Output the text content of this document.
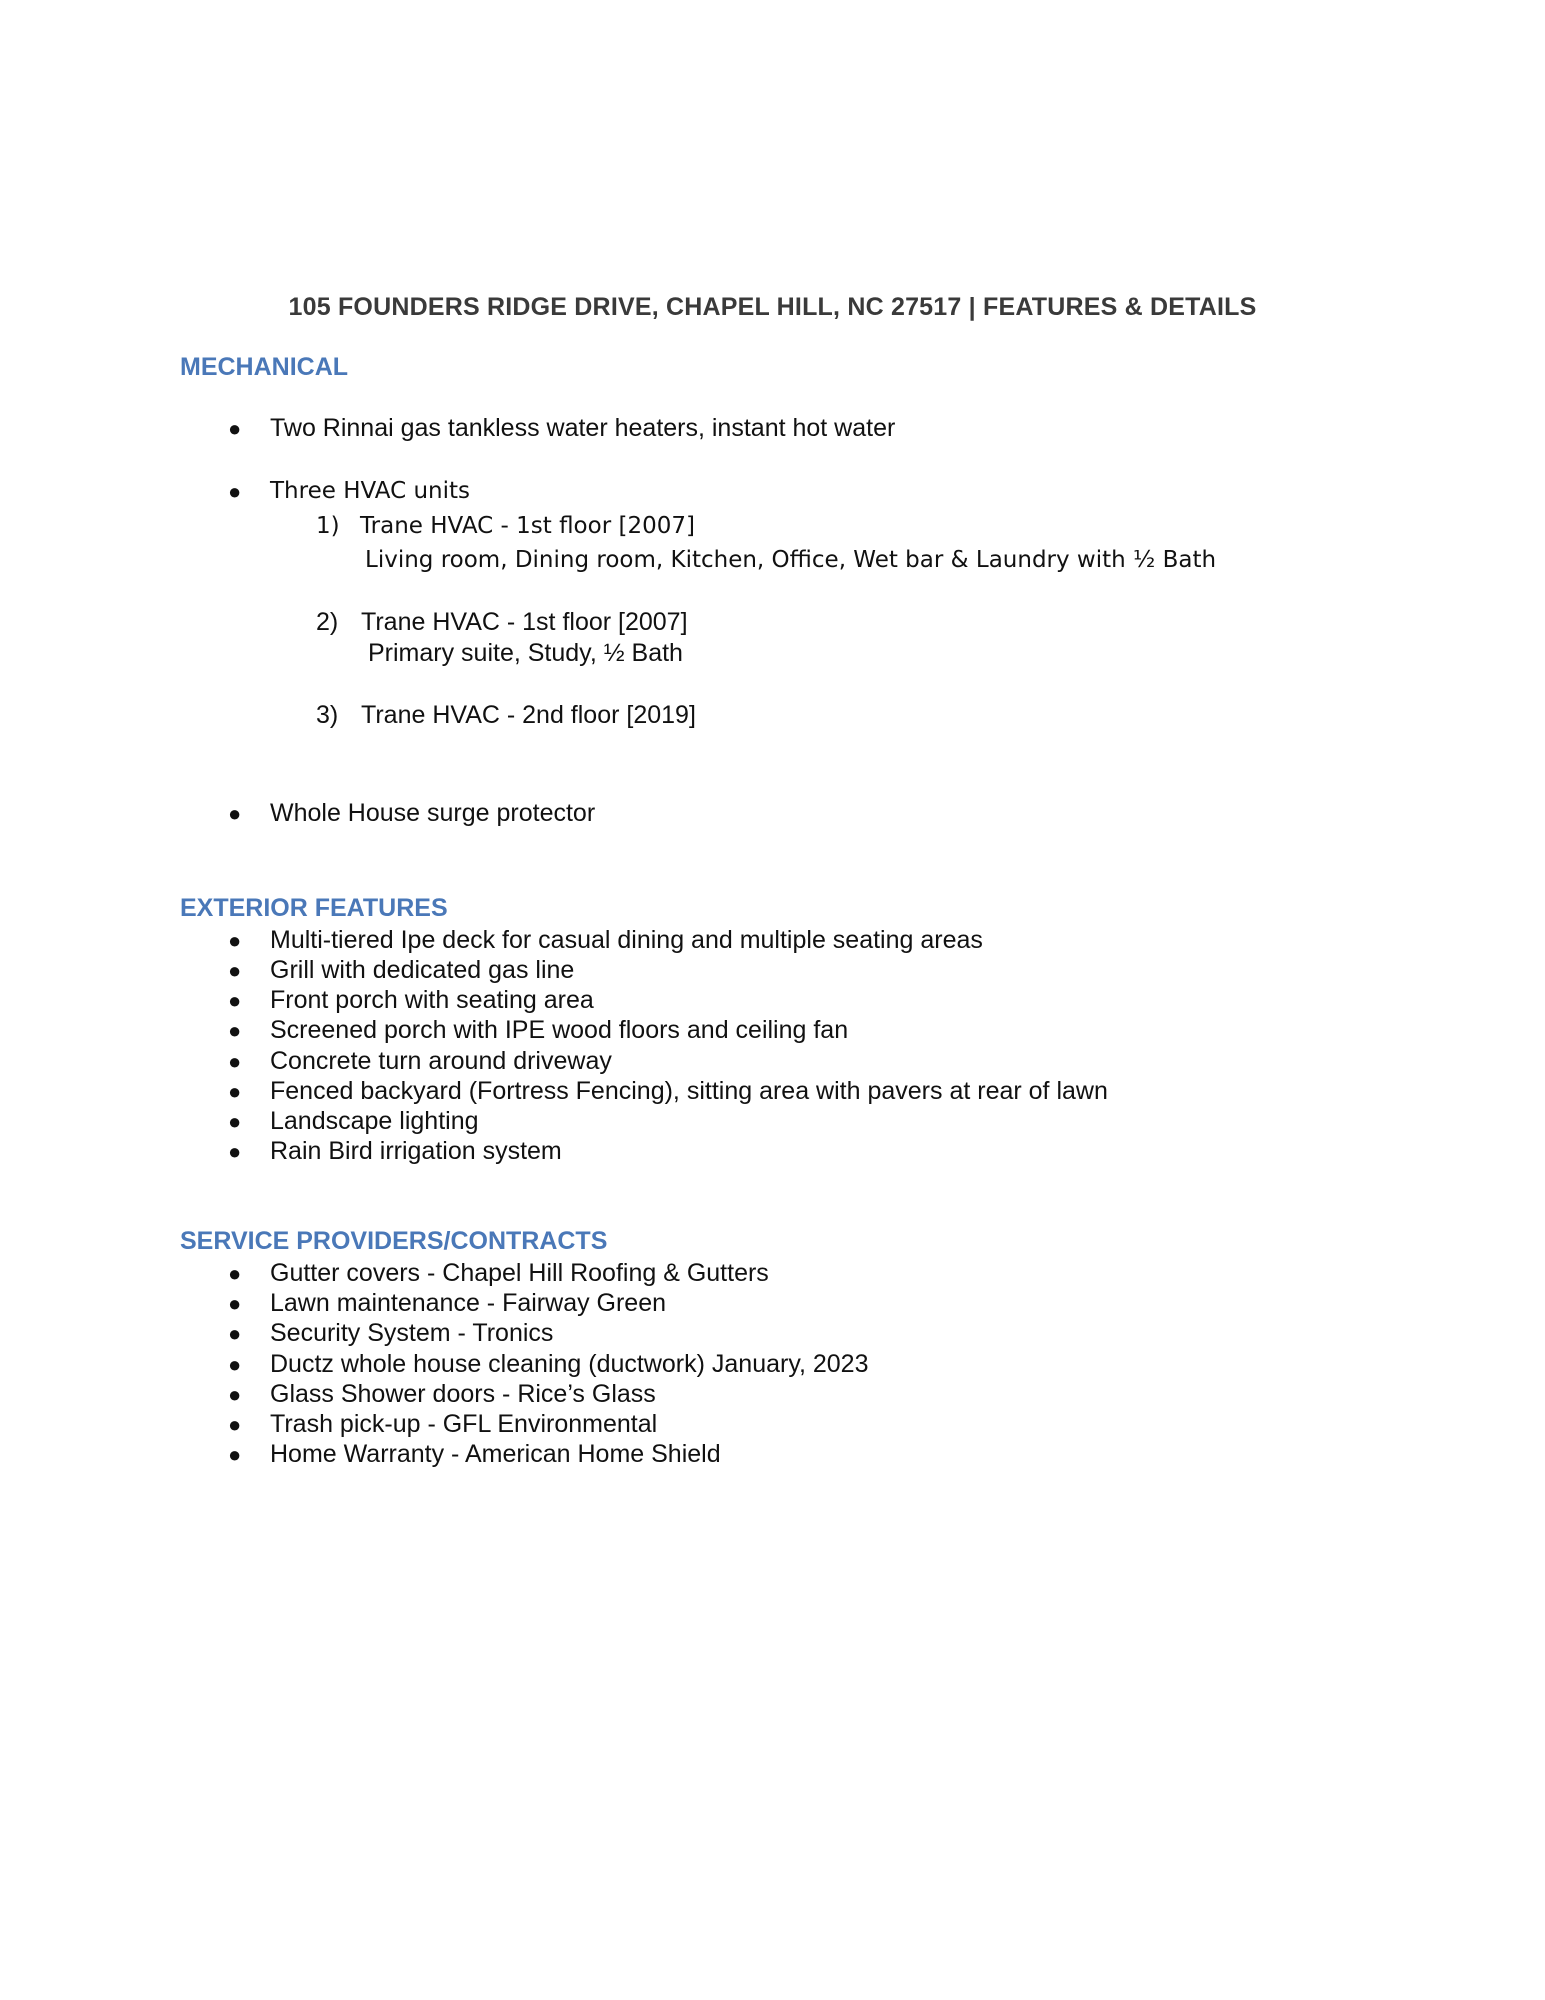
105 FOUNDERS RIDGE DRIVE, CHAPEL HILL, NC 27517 | FEATURES & DETAILS
MECHANICAL
● Two Rinnai gas tankless water heaters, instant hot water
● Three HVAC units
1) Trane HVAC - 1st floor [2007]
Living room, Dining room, Kitchen, Office, Wet bar & Laundry with ½ Bath
2) Trane HVAC - 1st floor [2007]
Primary suite, Study, ½ Bath
3) Trane HVAC - 2nd floor [2019]
● Whole House surge protector
EXTERIOR FEATURES
● Multi-tiered Ipe deck for casual dining and multiple seating areas
● Grill with dedicated gas line
● Front porch with seating area
● Screened porch with IPE wood floors and ceiling fan
● Concrete turn around driveway
● Fenced backyard (Fortress Fencing), sitting area with pavers at rear of lawn
● Landscape lighting
● Rain Bird irrigation system
SERVICE PROVIDERS/CONTRACTS
● Gutter covers - Chapel Hill Roofing & Gutters
● Lawn maintenance - Fairway Green
● Security System - Tronics
● Ductz whole house cleaning (ductwork) January, 2023
● Glass Shower doors - Rice’s Glass
● Trash pick-up - GFL Environmental
● Home Warranty - American Home Shield
